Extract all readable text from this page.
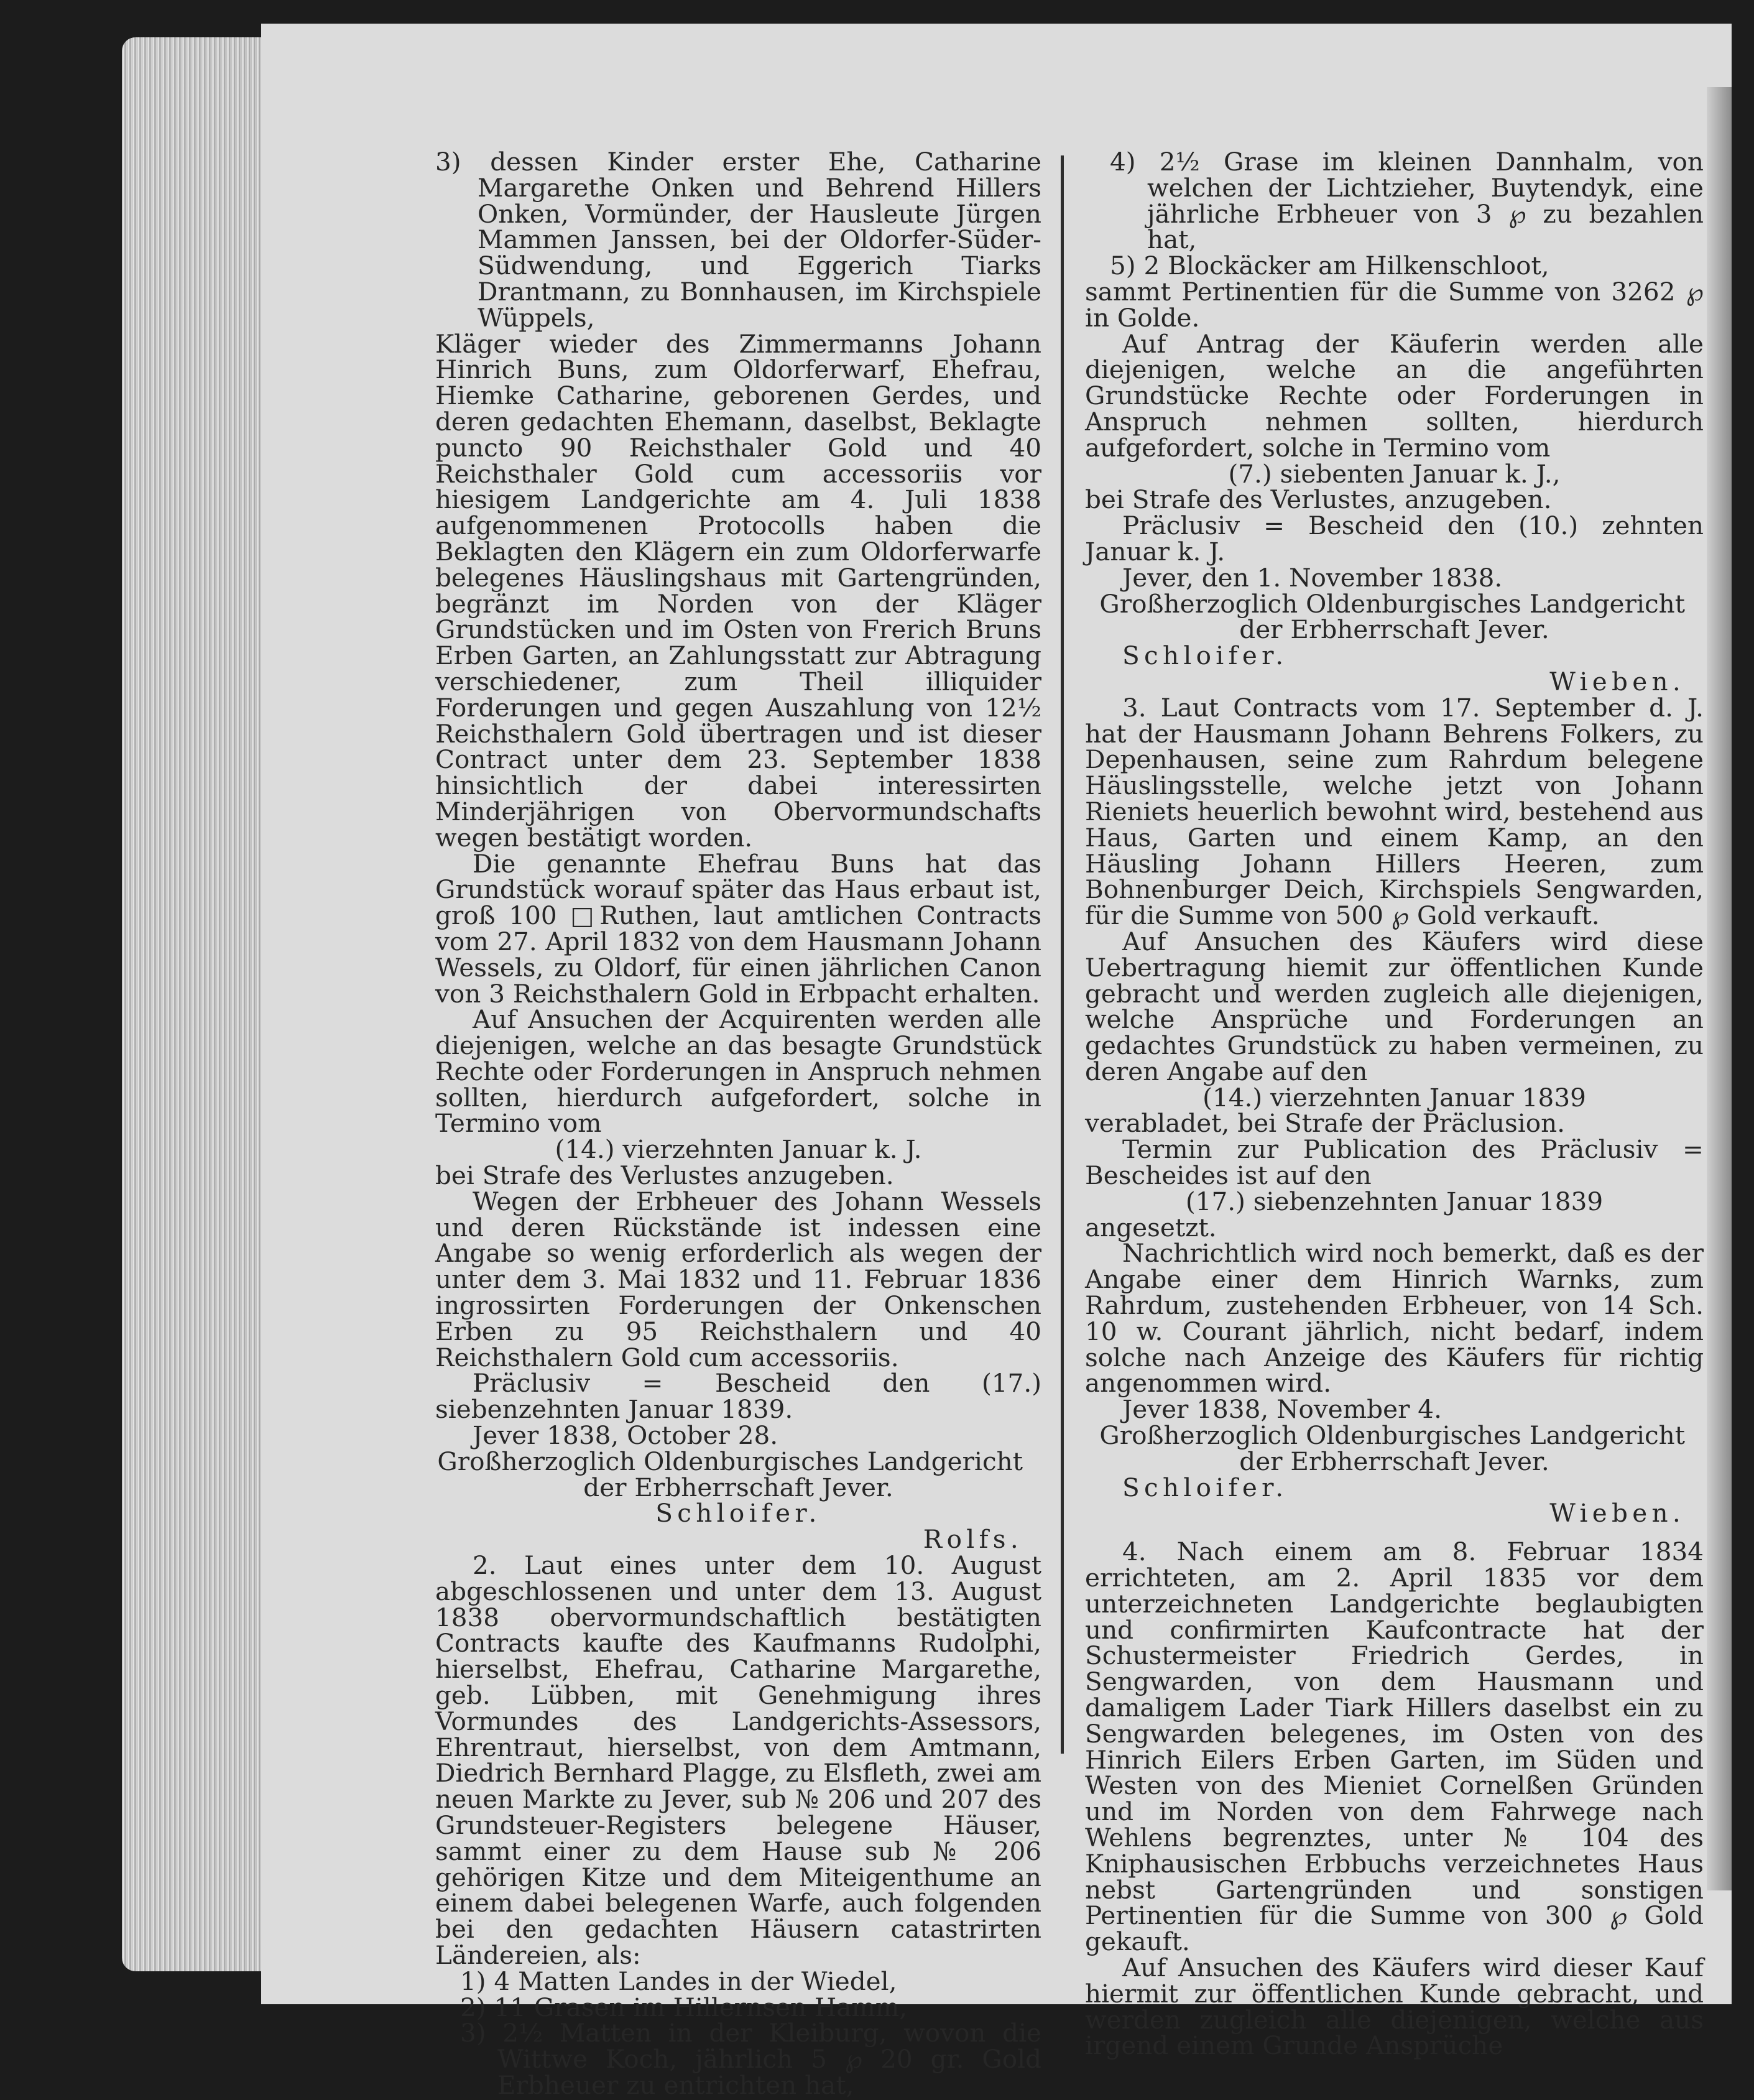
3) dessen Kinder erster Ehe, Catharine Margarethe Onken und Behrend Hillers Onken, Vormünder, der Hausleute Jürgen Mammen Janssen, bei der Oldorfer-Süder-Südwendung, und Eggerich Tiarks Drantmann, zu Bonnhausen, im Kirchspiele Wüppels,

Kläger wieder des Zimmermanns Johann Hinrich Buns, zum Oldorferwarf, Ehefrau, Hiemke Catharine, geborenen Gerdes, und deren gedachten Ehemann, daselbst, Beklagte puncto 90 Reichsthaler Gold und 40 Reichsthaler Gold cum accessoriis vor hiesigem Landgerichte am 4. Juli 1838 aufgenommenen Protocolls haben die Beklagten den Klägern ein zum Oldorferwarfe belegenes Häuslingshaus mit Gartengründen, begränzt im Norden von der Kläger Grundstücken und im Osten von Frerich Bruns Erben Garten, an Zahlungsstatt zur Abtragung verschiedener, zum Theil illiquider Forderungen und gegen Auszahlung von 12½ Reichsthalern Gold übertragen und ist dieser Contract unter dem 23. September 1838 hinsichtlich der dabei interessirten Minderjährigen von Obervormundschafts wegen bestätigt worden.

Die genannte Ehefrau Buns hat das Grundstück worauf später das Haus erbaut ist, groß 100 □Ruthen, laut amtlichen Contracts vom 27. April 1832 von dem Hausmann Johann Wessels, zu Oldorf, für einen jährlichen Canon von 3 Reichsthalern Gold in Erbpacht erhalten.

Auf Ansuchen der Acquirenten werden alle diejenigen, welche an das besagte Grundstück Rechte oder Forderungen in Anspruch nehmen sollten, hierdurch aufgefordert, solche in Termino vom

(14.) vierzehnten Januar k. J.

bei Strafe des Verlustes anzugeben.

Wegen der Erbheuer des Johann Wessels und deren Rückstände ist indessen eine Angabe so wenig erforderlich als wegen der unter dem 3. Mai 1832 und 11. Februar 1836 ingrossirten Forderungen der Onkenschen Erben zu 95 Reichsthalern und 40 Reichsthalern Gold cum accessoriis.

Präclusiv = Bescheid den (17.) siebenzehnten Januar 1839.

Jever 1838, October 28.

Großherzoglich Oldenburgisches Landgericht

der Erbherrschaft Jever.

Schloifer.

Rolfs.

2. Laut eines unter dem 10. August abgeschlossenen und unter dem 13. August 1838 obervormundschaftlich bestätigten Contracts kaufte des Kaufmanns Rudolphi, hierselbst, Ehefrau, Catharine Margarethe, geb. Lübben, mit Genehmigung ihres Vormundes des Landgerichts-Assessors, Ehrentraut, hierselbst, von dem Amtmann, Diedrich Bernhard Plagge, zu Elsfleth, zwei am neuen Markte zu Jever, sub № 206 und 207 des Grundsteuer-Registers belegene Häuser, sammt einer zu dem Hause sub № 206 gehörigen Kitze und dem Miteigenthume an einem dabei belegenen Warfe, auch folgenden bei den gedachten Häusern catastrirten Ländereien, als:

1) 4 Matten Landes in der Wiedel,

2) 11 Grasen im Hillernsen Hamm,

3) 2½ Matten in der Kleiburg, wovon die Wittwe Koch, jährlich 5 ℘ 20 gr. Gold Erbheuer zu entrichten hat,

4) 2½ Grase im kleinen Dannhalm, von welchen der Lichtzieher, Buytendyk, eine jährliche Erbheuer von 3 ℘ zu bezahlen hat,

5) 2 Blockäcker am Hilkenschloot,

sammt Pertinentien für die Summe von 3262 ℘ in Golde.

Auf Antrag der Käuferin werden alle diejenigen, welche an die angeführten Grundstücke Rechte oder Forderungen in Anspruch nehmen sollten, hierdurch aufgefordert, solche in Termino vom

(7.) siebenten Januar k. J.,

bei Strafe des Verlustes, anzugeben.

Präclusiv = Bescheid den (10.) zehnten Januar k. J.

Jever, den 1. November 1838.

Großherzoglich Oldenburgisches Landgericht

der Erbherrschaft Jever.

Schloifer.

Wieben.

3. Laut Contracts vom 17. September d. J. hat der Hausmann Johann Behrens Folkers, zu Depenhausen, seine zum Rahrdum belegene Häuslingsstelle, welche jetzt von Johann Rieniets heuerlich bewohnt wird, bestehend aus Haus, Garten und einem Kamp, an den Häusling Johann Hillers Heeren, zum Bohnenburger Deich, Kirchspiels Sengwarden, für die Summe von 500 ℘ Gold verkauft.

Auf Ansuchen des Käufers wird diese Uebertragung hiemit zur öffentlichen Kunde gebracht und werden zugleich alle diejenigen, welche Ansprüche und Forderungen an gedachtes Grundstück zu haben vermeinen, zu deren Angabe auf den

(14.) vierzehnten Januar 1839

verabladet, bei Strafe der Präclusion.

Termin zur Publication des Präclusiv = Bescheides ist auf den

(17.) siebenzehnten Januar 1839

angesetzt.

Nachrichtlich wird noch bemerkt, daß es der Angabe einer dem Hinrich Warnks, zum Rahrdum, zustehenden Erbheuer, von 14 Sch. 10 w. Courant jährlich, nicht bedarf, indem solche nach Anzeige des Käufers für richtig angenommen wird.

Jever 1838, November 4.

Großherzoglich Oldenburgisches Landgericht

der Erbherrschaft Jever.

Schloifer.

Wieben.

4. Nach einem am 8. Februar 1834 errichteten, am 2. April 1835 vor dem unterzeichneten Landgerichte beglaubigten und confirmirten Kaufcontracte hat der Schustermeister Friedrich Gerdes, in Sengwarden, von dem Hausmann und damaligem Lader Tiark Hillers daselbst ein zu Sengwarden belegenes, im Osten von des Hinrich Eilers Erben Garten, im Süden und Westen von des Mieniet Cornelßen Gründen und im Norden von dem Fahrwege nach Wehlens begrenztes, unter № 104 des Kniphausischen Erbbuchs verzeichnetes Haus nebst Gartengründen und sonstigen Pertinentien für die Summe von 300 ℘ Gold gekauft.

Auf Ansuchen des Käufers wird dieser Kauf hiermit zur öffentlichen Kunde gebracht, und werden zugleich alle diejenigen, welche aus irgend einem Grunde Ansprüche
